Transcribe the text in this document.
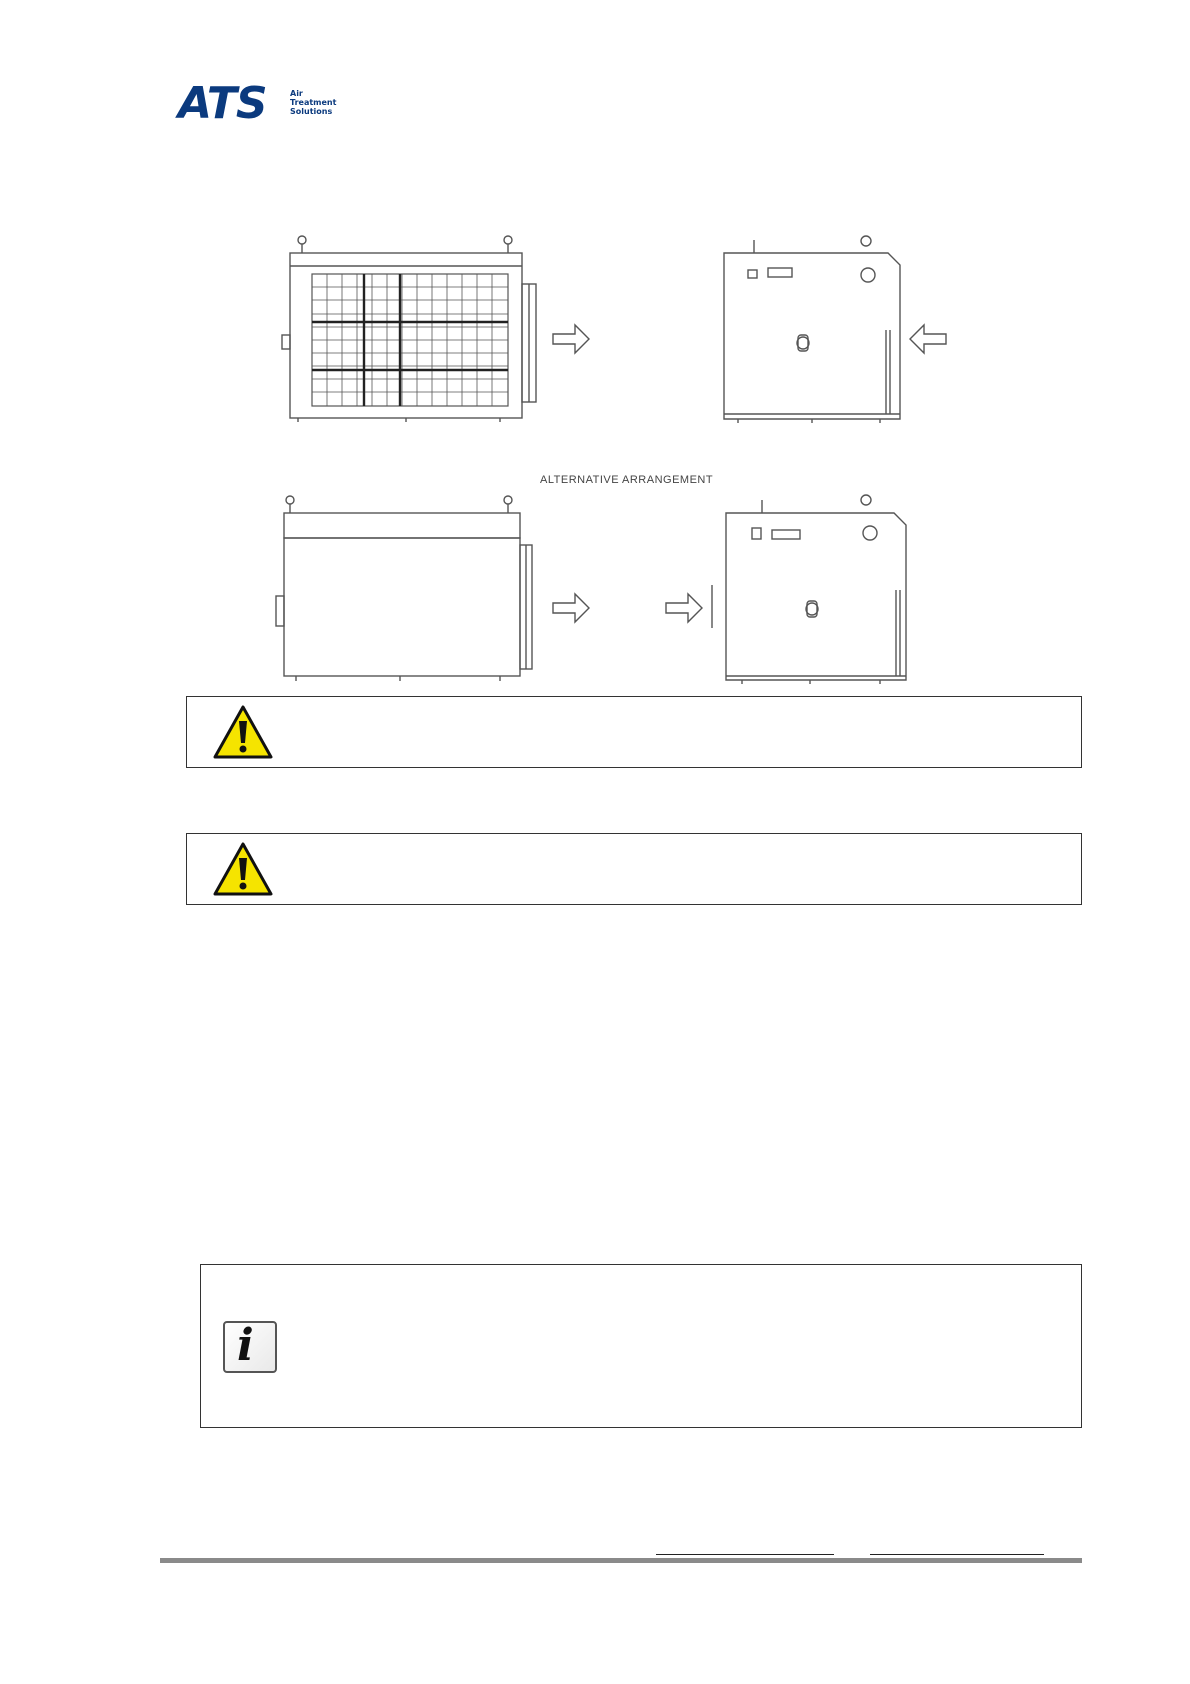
ATS	Air
Treatment
Solutions
ALTERNATIVE ARRANGEMENT
i
